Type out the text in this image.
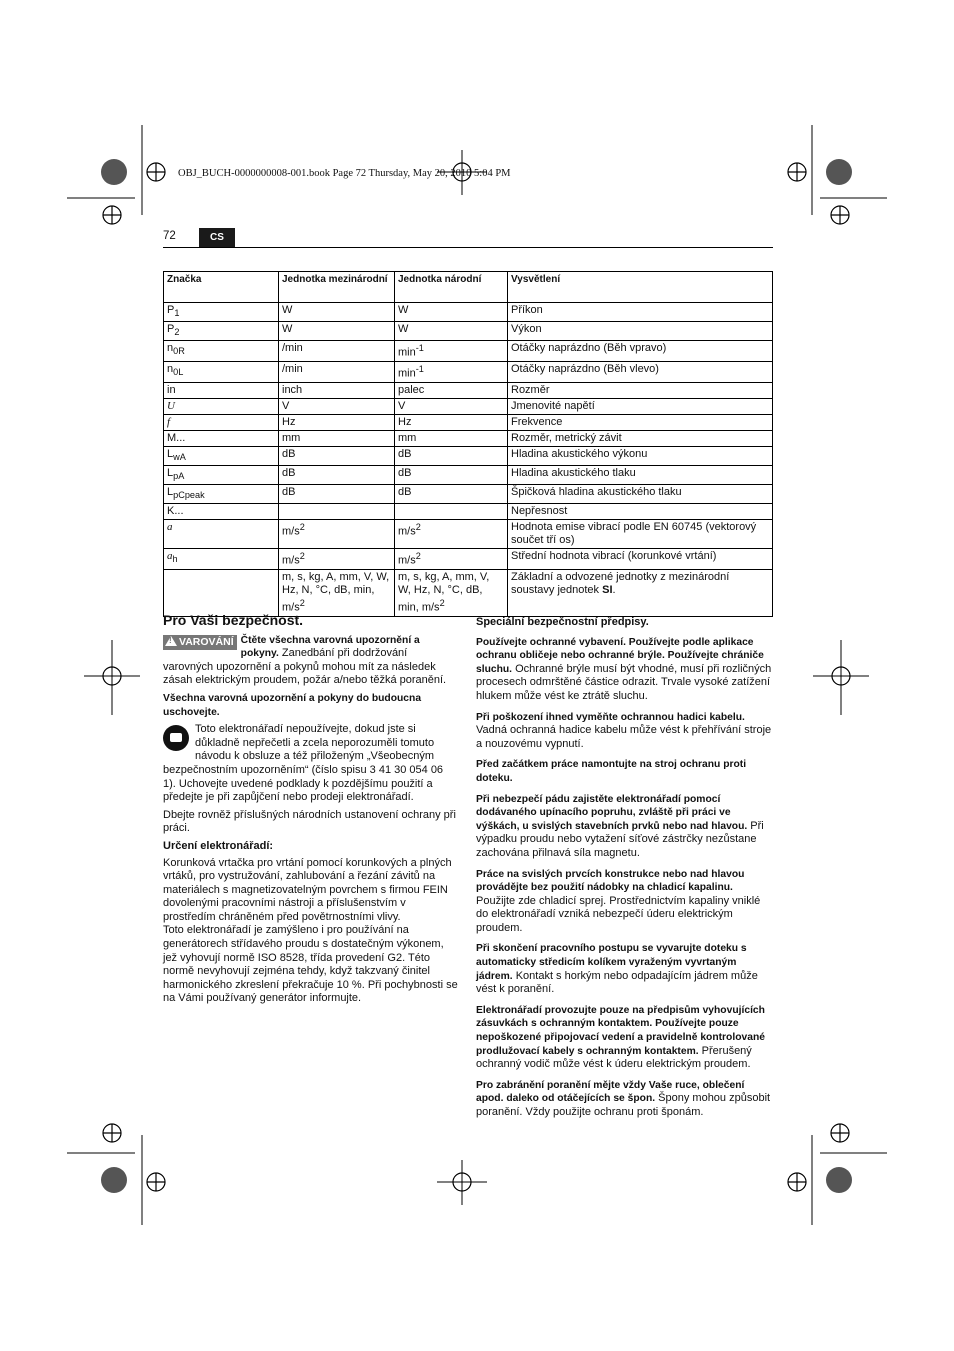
OBJ_BUCH-0000000008-001.book Page 72 Thursday, May 20, 2010 5:04 PM
72	CS
Značka	Jednotka mezinárodní	Jednotka národní	Vysvětlení
$P_1$	W	W	Příkon
$P_2$	W	W	Výkon
$n_{0R}$	/min	$\min^{-1}$	Otáčky naprázdno (Běh vpravo)
$n_{0L}$	/min	$\min^{-1}$	Otáčky naprázdno (Běh vlevo)
in	inch	palec	Rozměr
U	V	V	Jmenovité napětí
f	Hz	Hz	Frekvence
M...	mm	mm	Rozměr, metrický závit
$L_{wA}$	dB	dB	Hladina akustického výkonu
$L_{pA}$	dB	dB	Hladina akustického tlaku
$L_{pCpeak}$	dB	dB	Špičková hladina akustického tlaku
K...			Nepřesnost
a	$m/s^2$	$m/s^2$	Hodnota emise vibrací podle EN 60745 (vektorový součet tří os)
$a_h$	$m/s^2$	$m/s^2$	Střední hodnota vibrací (korunkové vrtání)
	m, s, kg, A, mm, V, W, Hz, N, °C, dB, min, $m/s^2$	m, s, kg, A, mm, V, W, Hz, N, °C, dB, min, $m/s^2$	Základní a odvozené jednotky z mezinárodní soustavy jednotek SI.
Pro Vaši bezpečnost.

! VAROVÁNÍ Čtěte všechna varovná upozornění a pokyny. Zanedbání při dodržování varovných upozornění a pokynů mohou mít za následek zásah elektrickým proudem, požár a/nebo těžká poranění.

Všechna varovná upozornění a pokyny do budoucna uschovejte.

Toto elektronářadí nepoužívejte, dokud jste si důkladně nepřečetli a zcela neporozuměli tomuto návodu k obsluze a též přiloženým „Všeobecným bezpečnostním upozorněním“ (číslo spisu 3 41 30 054 06 1). Uchovejte uvedené podklady k pozdějšímu použití a předejte je při zapůjčení nebo prodeji elektronářadí.

Dbejte rovněž příslušných národních ustanovení ochrany při práci.

Určení elektronářadí:

Korunková vrtačka pro vrtání pomocí korunkových a plných vrtáků, pro vystružování, zahlubování a řezání závitů na materiálech s magnetizovatelným povrchem s firmou FEIN dovolenými pracovními nástroji a příslušenstvím v prostředím chráněném před povětrnostními vlivy.

Toto elektronářadí je zamýšleno i pro používání na generátorech střídavého proudu s dostatečným výkonem, jež vyhovují normě ISO 8528, třída provedení G2. Této normě nevyhovují zejména tehdy, když takzvaný činitel harmonického zkreslení překračuje 10 %. Při pochybnosti se na Vámi používaný generátor informujte.

Speciální bezpečnostní předpisy.

Používejte ochranné vybavení. Používejte podle aplikace ochranu obličeje nebo ochranné brýle. Používejte chrániče sluchu. Ochranné brýle musí být vhodné, musí při rozličných procesech odmrštěné částice odrazit. Trvale vysoké zatížení hlukem může vést ke ztrátě sluchu.

Při poškození ihned vyměňte ochrannou hadici kabelu. Vadná ochranná hadice kabelu může vést k přehřívání stroje a nouzovému vypnutí.

Před začátkem práce namontujte na stroj ochranu proti doteku.

Při nebezpečí pádu zajistěte elektronářadí pomocí dodávaného upínacího popruhu, zvláště při práci ve výškách, u svislých stavebních prvků nebo nad hlavou. Při výpadku proudu nebo vytažení síťové zástrčky nezůstane zachována přilnavá síla magnetu.

Práce na svislých prvcích konstrukce nebo nad hlavou provádějte bez použití nádobky na chladicí kapalinu. Použijte zde chladicí sprej. Prostřednictvím kapaliny vniklé do elektronářadí vzniká nebezpečí úderu elektrickým proudem.

Při skončení pracovního postupu se vyvarujte doteku s automaticky středicím kolíkem vyraženým vyvrtaným jádrem. Kontakt s horkým nebo odpadajícím jádrem může vést k poranění.

Elektronářadí provozujte pouze na předpisům vyhovujících zásuvkách s ochranným kontaktem. Používejte pouze nepoškozené připojovací vedení a pravidelně kontrolované prodlužovací kabely s ochranným kontaktem. Přerušený ochranný vodič může vést k úderu elektrickým proudem.

Pro zabránění poranění mějte vždy Vaše ruce, oblečení apod. daleko od otáčejících se špon. Špony mohou způsobit poranění. Vždy použijte ochranu proti šponám.
